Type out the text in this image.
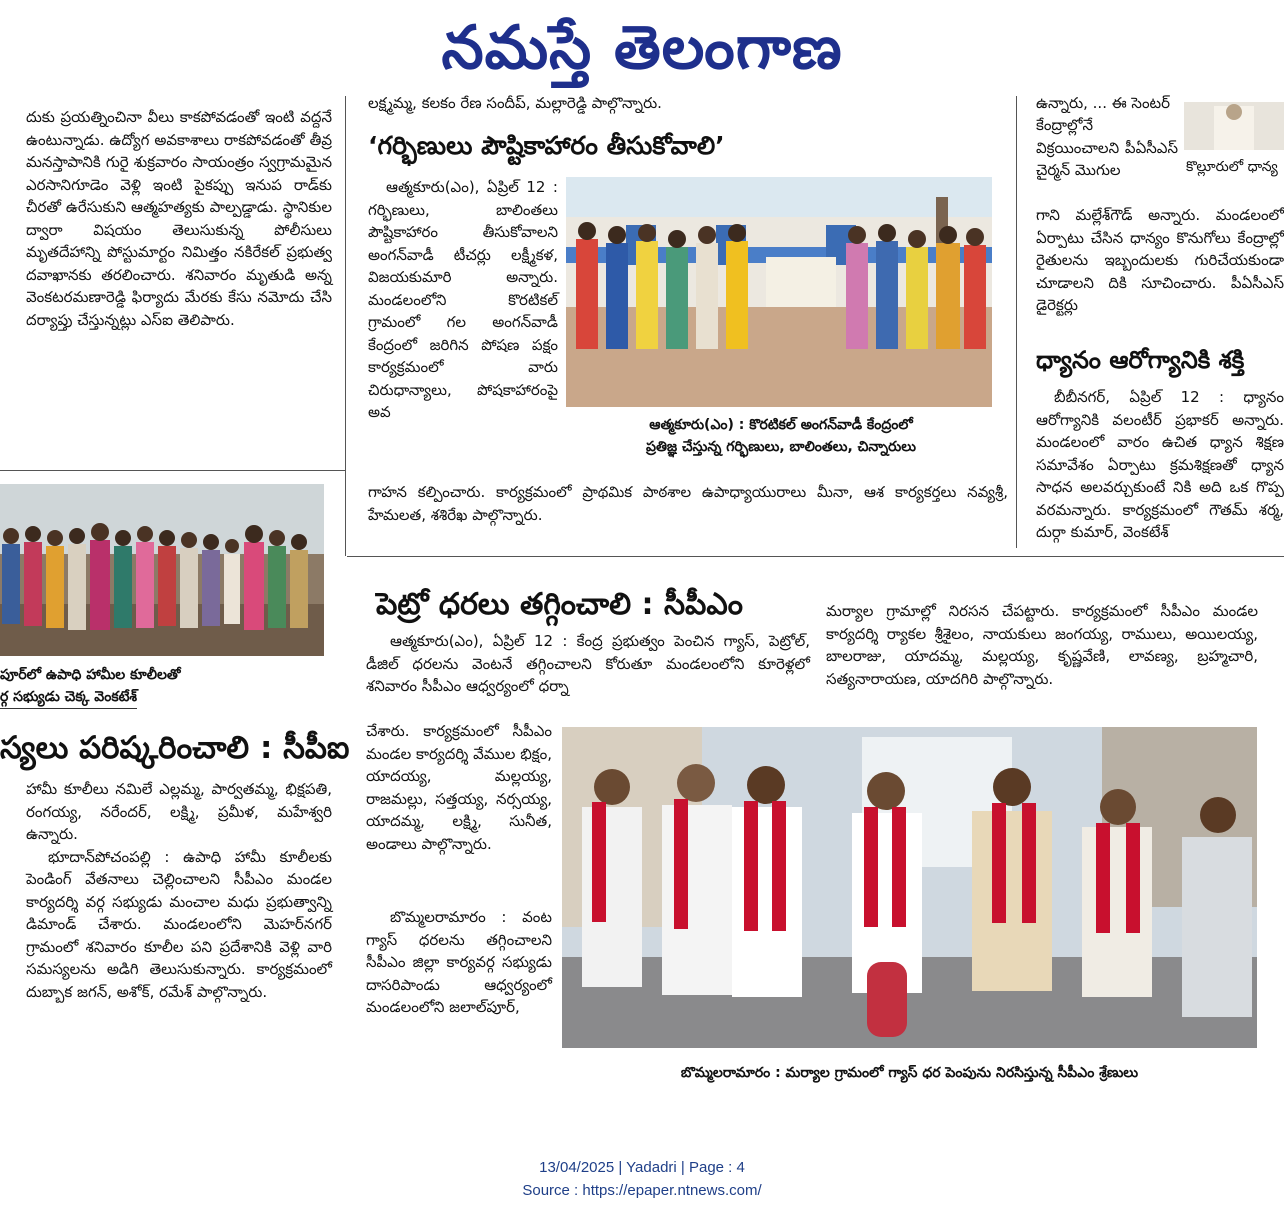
నమస్తే తెలంగాణ

దుకు ప్రయత్నించినా వీలు కాకపోవడంతో ఇంటి వద్దనే ఉంటున్నాడు. ఉద్యోగ అవకాశాలు రాకపోవడంతో తీవ్ర మనస్తాపానికి గురై శుక్రవారం సాయంత్రం స్వగ్రామమైన ఎరసానిగూడెం వెళ్లి ఇంటి పైకప్పు ఇనుప రాడ్‌కు చీరతో ఉరేసుకుని ఆత్మహత్యకు పాల్పడ్డాడు. స్థానికుల ద్వారా విషయం తెలుసుకున్న పోలీసులు మృతదేహాన్ని పోస్టుమార్టం నిమిత్తం నకిరేకల్ ప్రభుత్వ దవాఖానకు తరలించారు. శనివారం మృతుడి అన్న వెంకటరమణారెడ్డి ఫిర్యాదు మేరకు కేసు నమోదు చేసి దర్యాప్తు చేస్తున్నట్లు ఎస్‌ఐ తెలిపారు.

పూర్‌లో ఉపాధి హామీల కూలీలతో
ర్గ సభ్యుడు చెక్క వెంకటేశ్
స్యలు పరిష్కరించాలి : సీపీఐ

హామీ కూలీలు నమిలే ఎల్లమ్మ, పార్వతమ్మ, భిక్షపతి, రంగయ్య, నరేందర్, లక్ష్మి, ప్రమీళ, మహేశ్వరి ఉన్నారు.

భూదాన్‌పోచంపల్లి : ఉపాధి హామీ కూలీలకు పెండింగ్ వేతనాలు చెల్లించాలని సీపీఎం మండల కార్యదర్శి వర్గ సభ్యుడు మంచాల మధు ప్రభుత్వాన్ని డిమాండ్ చేశారు. మండలంలోని మెహర్‌నగర్ గ్రామంలో శనివారం కూలీల పని ప్రదేశానికి వెళ్లి వారి సమస్యలను అడిగి తెలుసుకున్నారు. కార్యక్రమంలో దుబ్బాక జగన్, అశోక్, రమేశ్ పాల్గొన్నారు.

లక్ష్మమ్మ, కలకం రేణ సందీప్, మల్లారెడ్డి పాల్గొన్నారు.
‘గర్భిణులు పౌష్టికాహారం తీసుకోవాలి’

ఆత్మకూరు(ఎం), ఏప్రిల్ 12 : గర్భిణులు, బాలింతలు పౌష్టికాహారం తీసుకోవాలని అంగన్‌వాడీ టీచర్లు లక్ష్మీకళ, విజయకుమారి అన్నారు. మండలంలోని కొరటికల్ గ్రామంలో గల అంగన్‌వాడీ కేంద్రంలో జరిగిన పోషణ పక్షం కార్యక్రమంలో వారు చిరుధాన్యాలు, పోషకాహారంపై అవ

ఆత్మకూరు(ఎం) : కొరటికల్ అంగన్‌వాడీ కేంద్రంలో
ప్రతిజ్ఞ చేస్తున్న గర్భిణులు, బాలింతలు, చిన్నారులు

గాహన కల్పించారు. కార్యక్రమంలో ప్రాథమిక పాఠశాల ఉపాధ్యాయురాలు మీనా, ఆశ కార్యకర్తలు నవ్యశ్రీ, హేమలత, శశిరేఖ పాల్గొన్నారు.

ఉన్నారు, ... ఈ సెంటర్

కేంద్రాల్లోనే విక్రయించాలని పీఏసీఎస్ చైర్మన్ మొగుల	కొల్లూరులో ధాన్య

గాని మల్లేశ్‌గౌడ్ అన్నారు. మండలంలో ఏర్పాటు చేసిన ధాన్యం కొనుగోలు కేంద్రాల్లో రైతులను ఇబ్బందులకు గురిచేయకుండా చూడాలని దికి సూచించారు. పీఏసీఎస్ డైరెక్టర్లు

ధ్యానం ఆరోగ్యానికి శక్తి

బీబీనగర్, ఏప్రిల్ 12 : ధ్యానం ఆరోగ్యానికి వలంటీర్ ప్రభాకర్ అన్నారు. మండలంలో వారం ఉచిత ధ్యాన శిక్షణ సమావేశం ఏర్పాటు క్రమశిక్షణతో ధ్యాన సాధన అలవర్చుకుంటే నికి అది ఒక గొప్ప వరమన్నారు. కార్యక్రమంలో గౌతమ్ శర్మ, దుర్గా కుమార్, వెంకటేశ్

పెట్రో ధరలు తగ్గించాలి : సీపీఎం

ఆత్మకూరు(ఎం), ఏప్రిల్ 12 : కేంద్ర ప్రభుత్వం పెంచిన గ్యాస్, పెట్రోల్, డీజిల్ ధరలను వెంటనే తగ్గించాలని కోరుతూ మండలంలోని కూరెళ్లలో శనివారం సీపీఎం ఆధ్వర్యంలో ధర్నా

మర్యాల గ్రామాల్లో నిరసన చేపట్టారు. కార్యక్రమంలో సీపీఎం మండల కార్యదర్శి ర్యాకల శ్రీశైలం, నాయకులు జంగయ్య, రాములు, అయిలయ్య, బాలరాజు, యాదమ్మ, మల్లయ్య, కృష్ణవేణి, లావణ్య, బ్రహ్మచారి, సత్యనారాయణ, యాదగిరి పాల్గొన్నారు.

చేశారు. కార్యక్రమంలో సీపీఎం మండల కార్యదర్శి వేముల భిక్షం, యాదయ్య, మల్లయ్య, రాజమల్లు, సత్తయ్య, నర్సయ్య, యాదమ్మ, లక్ష్మి, సునీత, అండాలు పాల్గొన్నారు.

బొమ్మలరామారం : వంట గ్యాస్ ధరలను తగ్గించాలని సీపీఎం జిల్లా కార్యవర్గ సభ్యుడు దాసరిపాండు ఆధ్వర్యంలో మండలంలోని జలాల్‌పూర్,

బొమ్మలరామారం : మర్యాల గ్రామంలో గ్యాస్ ధర పెంపును నిరసిస్తున్న సీపీఎం శ్రేణులు
13/04/2025 | Yadadri | Page : 4
Source : https://epaper.ntnews.com/
